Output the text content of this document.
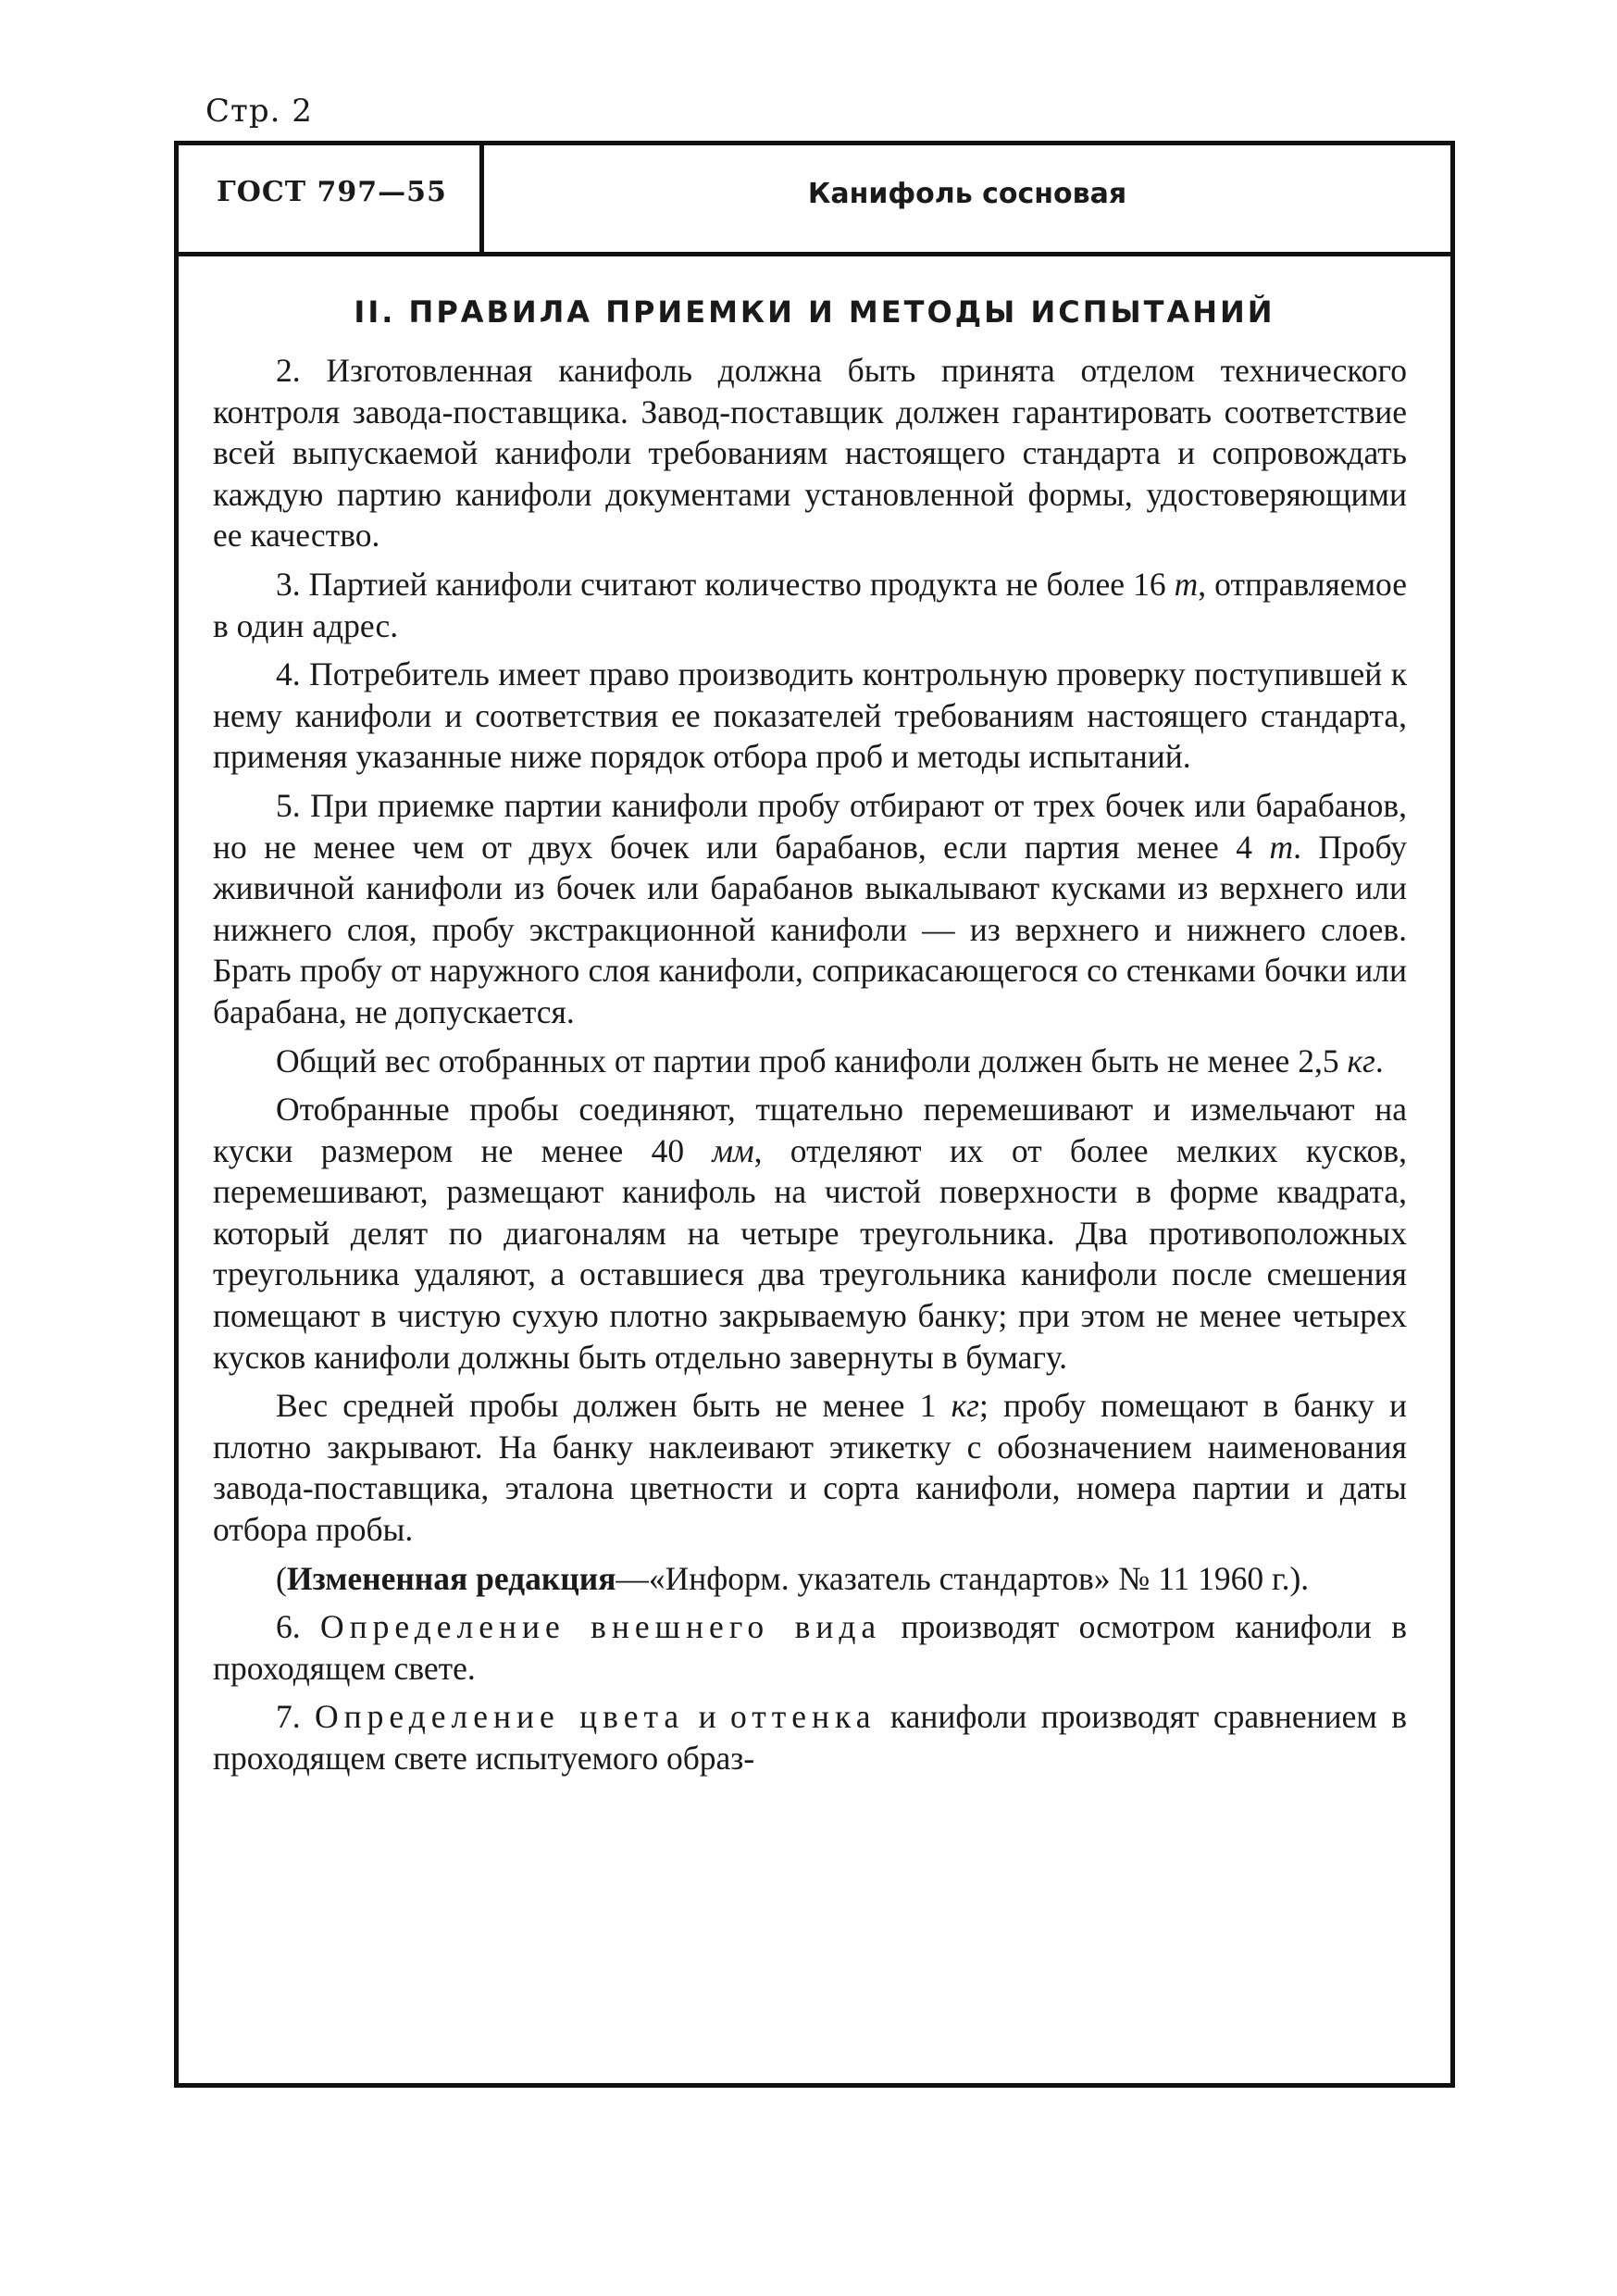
Стр. 2
ГОСТ 797—55	Канифоль сосновая
II. ПРАВИЛА ПРИЕМКИ И МЕТОДЫ ИСПЫТАНИЙ

2. Изготовленная канифоль должна быть принята отделом технического контроля завода-поставщика. Завод-поставщик должен гарантировать соответствие всей выпускаемой канифоли требованиям настоящего стандарта и сопровождать каждую партию канифоли документами установленной формы, удостоверяющими ее качество.

3. Партией канифоли считают количество продукта не более 16 т, отправляемое в один адрес.

4. Потребитель имеет право производить контрольную проверку поступившей к нему канифоли и соответствия ее показателей требованиям настоящего стандарта, применяя указанные ниже порядок отбора проб и методы испытаний.

5. При приемке партии канифоли пробу отбирают от трех бочек или барабанов, но не менее чем от двух бочек или барабанов, если партия менее 4 т. Пробу живичной канифоли из бочек или барабанов выкалывают кусками из верхнего или нижнего слоя, пробу экстракционной канифоли — из верхнего и нижнего слоев. Брать пробу от наружного слоя канифоли, соприкасающегося со стенками бочки или барабана, не допускается.

Общий вес отобранных от партии проб канифоли должен быть не менее 2,5 кг.

Отобранные пробы соединяют, тщательно перемешивают и измельчают на куски размером не менее 40 мм, отделяют их от более мелких кусков, перемешивают, размещают канифоль на чистой поверхности в форме квадрата, который делят по диагоналям на четыре треугольника. Два противоположных треугольника удаляют, а оставшиеся два треугольника канифоли после смешения помещают в чистую сухую плотно закрываемую банку; при этом не менее четырех кусков канифоли должны быть отдельно завернуты в бумагу.

Вес средней пробы должен быть не менее 1 кг; пробу помещают в банку и плотно закрывают. На банку наклеивают этикетку с обозначением наименования завода-поставщика, эталона цветности и сорта канифоли, номера партии и даты отбора пробы.

(Измененная редакция—«Информ. указатель стандартов» № 11 1960 г.).

6. Определение внешнего вида производят осмотром канифоли в проходящем свете.

7. Определение цвета и оттенка канифоли производят сравнением в проходящем свете испытуемого образ-
